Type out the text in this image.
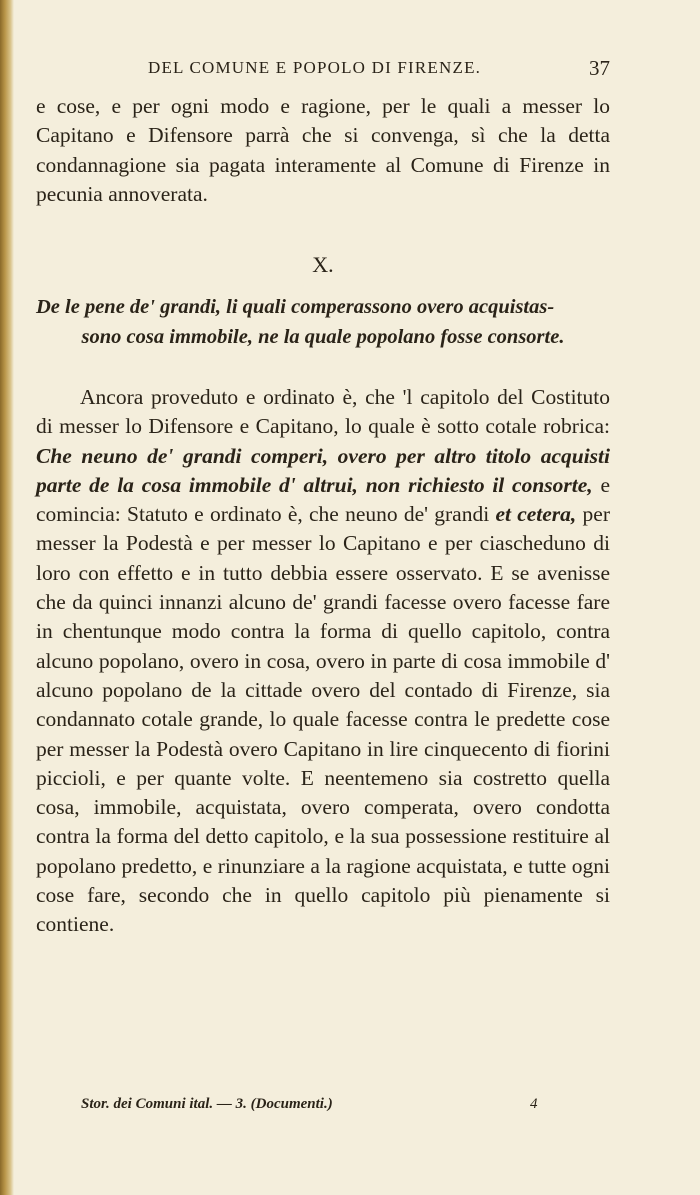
DEL COMUNE E POPOLO DI FIRENZE.	37

e cose, e per ogni modo e ragione, per le quali a messer lo Capitano e Difensore parrà che si convenga, sì che la detta condannagione sia pagata interamente al Comune di Firenze in pecunia annoverata.

X.

De le pene de' grandi, li quali comperassono overo acquistas-
sono cosa immobile, ne la quale popolano fosse consorte.

Ancora proveduto e ordinato è, che 'l capitolo del Costituto di messer lo Difensore e Capitano, lo quale è sotto cotale robrica: Che neuno de' grandi comperi, overo per altro titolo acquisti parte de la cosa immobile d' altrui, non richiesto il consorte, e comincia: Statuto e ordinato è, che neuno de' grandi et cetera, per messer la Podestà e per messer lo Capitano e per ciascheduno di loro con effetto e in tutto debbia essere osservato. E se avenisse che da quinci innanzi alcuno de' grandi facesse overo facesse fare in chentunque modo contra la forma di quello capitolo, contra alcuno popolano, overo in cosa, overo in parte di cosa immobile d' alcuno popolano de la cittade overo del contado di Firenze, sia condannato cotale grande, lo quale facesse contra le predette cose per messer la Podestà overo Capitano in lire cinquecento di fiorini piccioli, e per quante volte. E neentemeno sia costretto quella cosa, immobile, acquistata, overo comperata, overo condotta contra la forma del detto capitolo, e la sua possessione restituire al popolano predetto, e rinunziare a la ragione acquistata, e tutte ogni cose fare, secondo che in quello capitolo più pienamente si contiene.

Stor. dei Comuni ital. — 3. (Documenti.)	4
